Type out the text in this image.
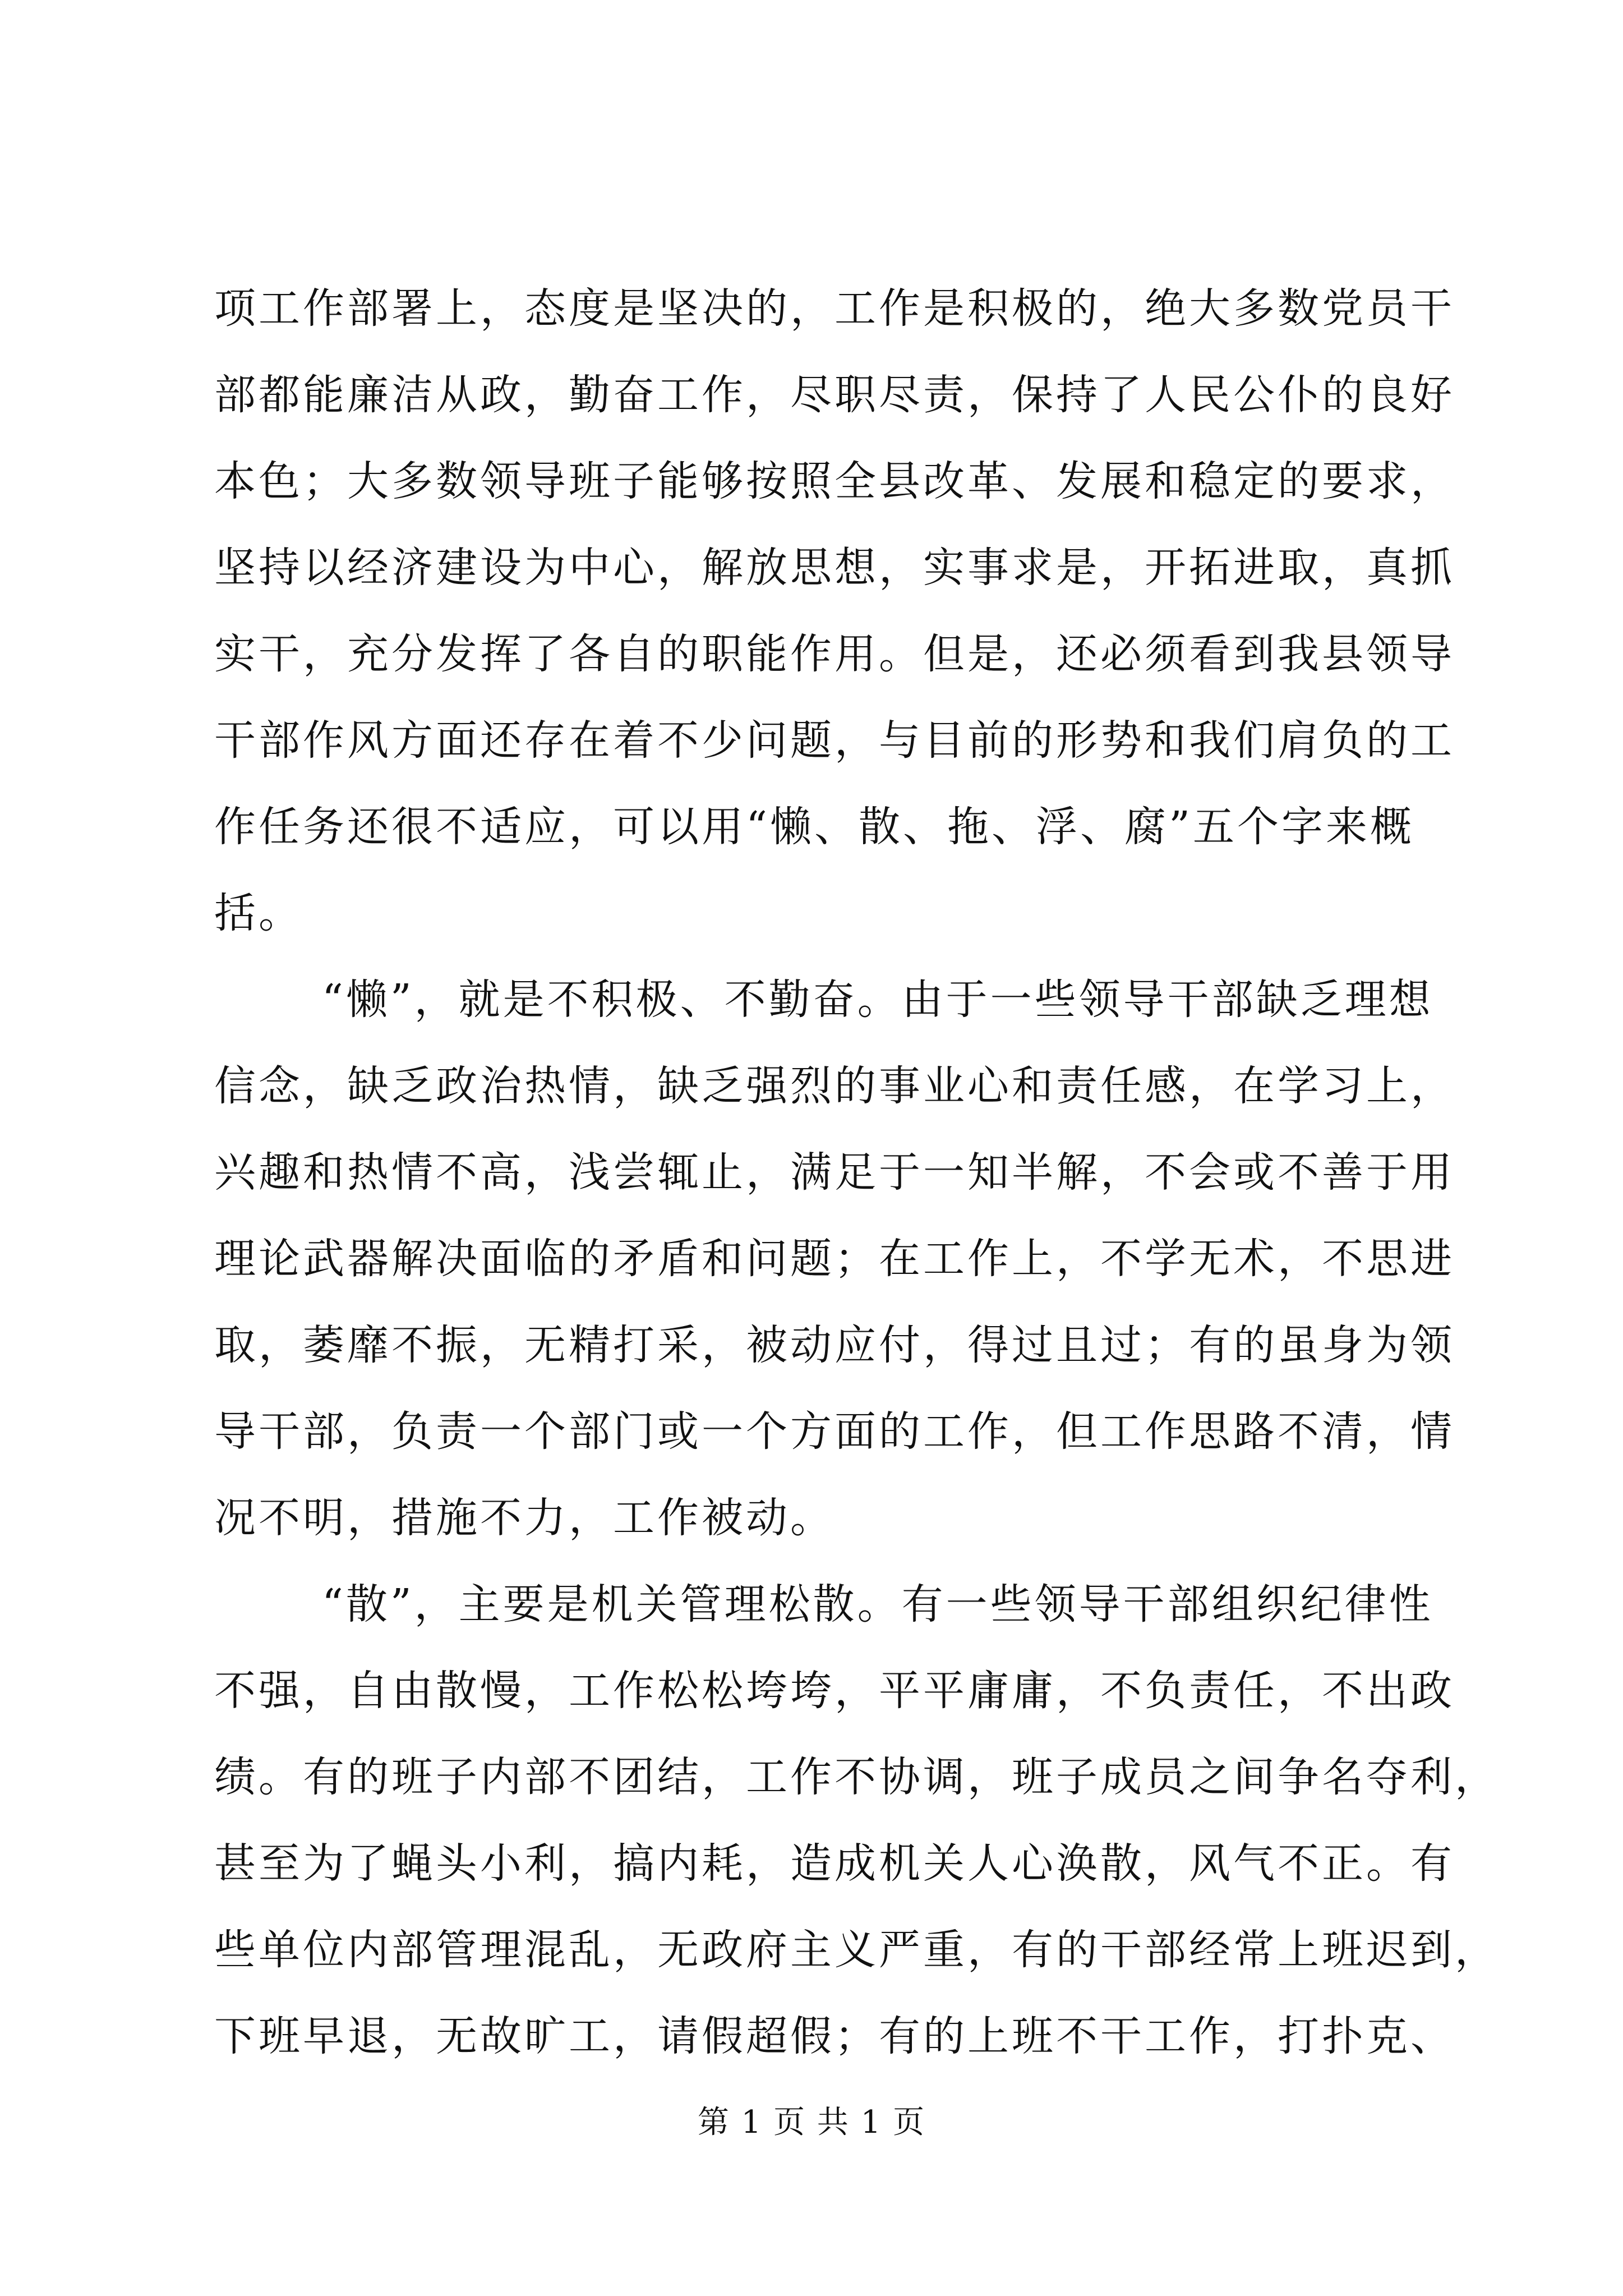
项工作部署上，态度是坚决的，工作是积极的，绝大多数党员干
部都能廉洁从政，勤奋工作，尽职尽责，保持了人民公仆的良好
本色；大多数领导班子能够按照全县改革、发展和稳定的要求，
坚持以经济建设为中心，解放思想，实事求是，开拓进取，真抓
实干，充分发挥了各自的职能作用。但是，还必须看到我县领导
干部作风方面还存在着不少问题，与目前的形势和我们肩负的工
作任务还很不适应，可以用“懒、散、拖、浮、腐”五个字来概
括。
“懒”，就是不积极、不勤奋。由于一些领导干部缺乏理想
信念，缺乏政治热情，缺乏强烈的事业心和责任感，在学习上，
兴趣和热情不高，浅尝辄止，满足于一知半解，不会或不善于用
理论武器解决面临的矛盾和问题；在工作上，不学无术，不思进
取，萎靡不振，无精打采，被动应付，得过且过；有的虽身为领
导干部，负责一个部门或一个方面的工作，但工作思路不清，情
况不明，措施不力，工作被动。
“散”，主要是机关管理松散。有一些领导干部组织纪律性
不强，自由散慢，工作松松垮垮，平平庸庸，不负责任，不出政
绩。有的班子内部不团结，工作不协调，班子成员之间争名夺利，
甚至为了蝇头小利，搞内耗，造成机关人心涣散，风气不正。有
些单位内部管理混乱，无政府主义严重，有的干部经常上班迟到，
下班早退，无故旷工，请假超假；有的上班不干工作，打扑克、
第 1 页 共 1 页
